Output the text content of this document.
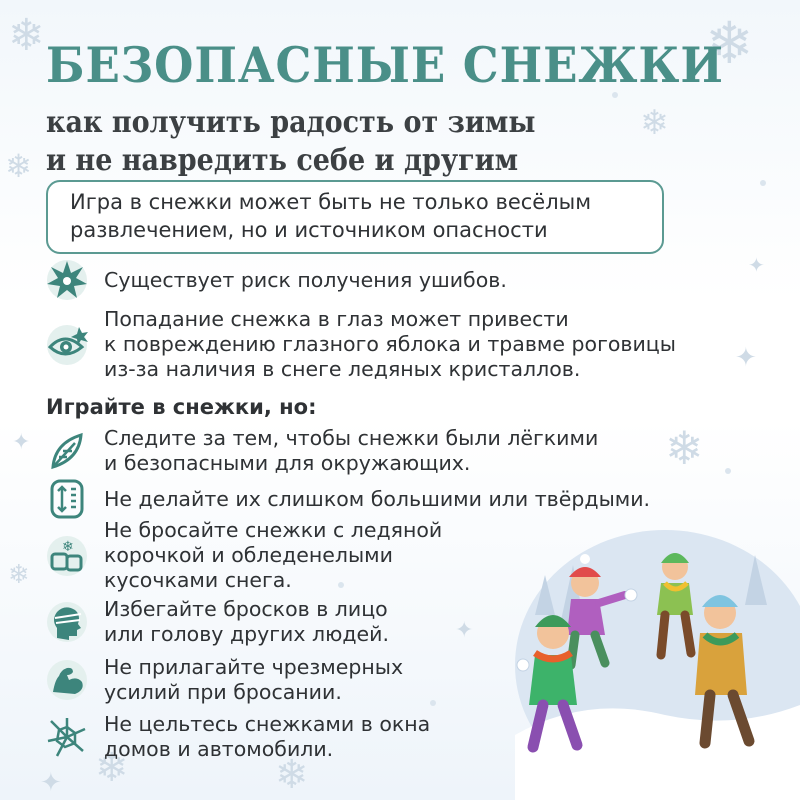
❄	❄
❄
❄
❄
✦
✦
✦
❄
✦ ❄	❄
✦
БЕЗОПАСНЫЕ СНЕЖКИ
как получить радость от зимы
и не навредить себе и другим
Игра в снежки может быть не только весёлым
развлечением, но и источником опасности
Существует риск получения ушибов.
Попадание снежка в глаз может привести
к повреждению глазного яблока и травме роговицы
из-за наличия в снеге ледяных кристаллов.
Играйте в снежки, но:
Следите за тем, чтобы снежки были лёгкими
и безопасными для окружающих.
Не делайте их слишком большими или твёрдыми.
❄
Не бросайте снежки с ледяной
корочкой и обледенелыми
кусочками снега.
Избегайте бросков в лицо
или голову других людей.
Не прилагайте чрезмерных
усилий при бросании.
Не цельтесь снежками в окна
домов и автомобили.
